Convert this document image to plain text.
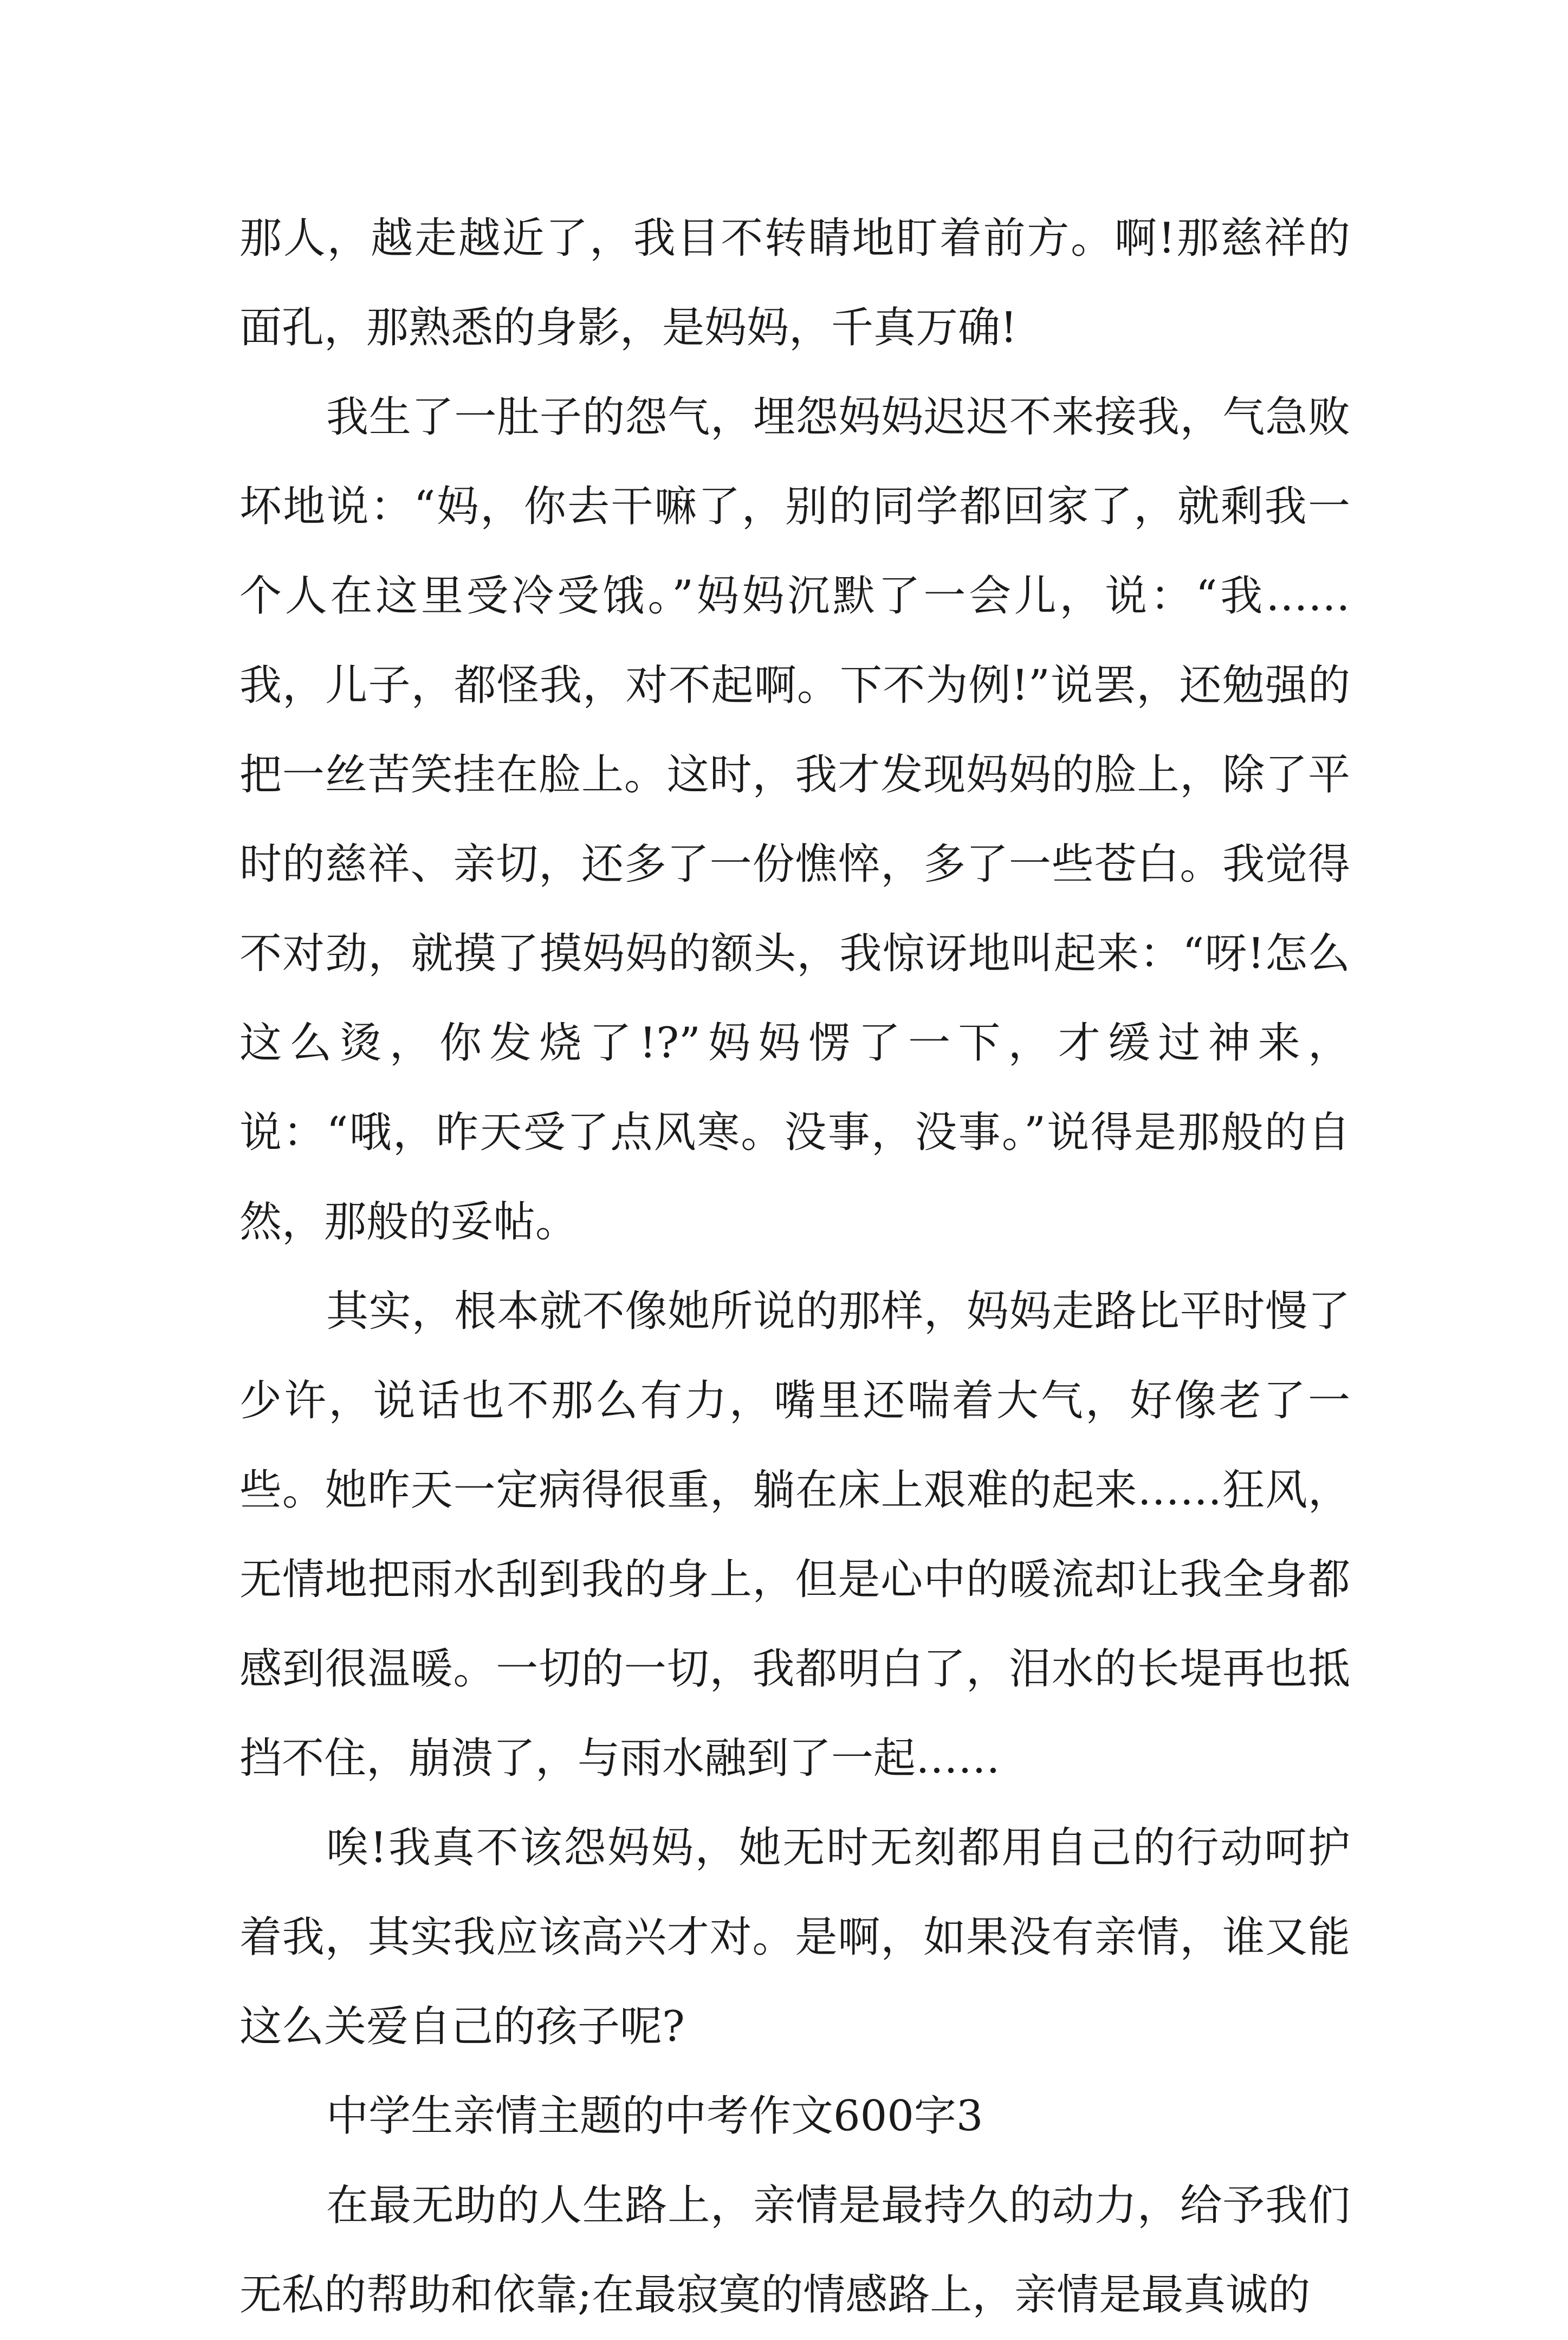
那人，越走越近了，我目不转睛地盯着前方。啊!那慈祥的面孔，那熟悉的身影，是妈妈，千真万确!

我生了一肚子的怨气，埋怨妈妈迟迟不来接我，气急败坏地说：“妈，你去干嘛了，别的同学都回家了，就剩我一个人在这里受冷受饿。”妈妈沉默了一会儿，说：“我……我，儿子，都怪我，对不起啊。下不为例!”说罢，还勉强的把一丝苦笑挂在脸上。这时，我才发现妈妈的脸上，除了平时的慈祥、亲切，还多了一份憔悴，多了一些苍白。我觉得不对劲，就摸了摸妈妈的额头，我惊讶地叫起来：“呀!怎么这么烫，你发烧了!?”妈妈愣了一下，才缓过神来，说：“哦，昨天受了点风寒。没事，没事。”说得是那般的自然，那般的妥帖。

其实，根本就不像她所说的那样，妈妈走路比平时慢了少许，说话也不那么有力，嘴里还喘着大气，好像老了一些。她昨天一定病得很重，躺在床上艰难的起来……狂风，无情地把雨水刮到我的身上，但是心中的暖流却让我全身都感到很温暖。一切的一切，我都明白了，泪水的长堤再也抵挡不住，崩溃了，与雨水融到了一起……

唉!我真不该怨妈妈，她无时无刻都用自己的行动呵护着我，其实我应该高兴才对。是啊，如果没有亲情，谁又能这么关爱自己的孩子呢?

中学生亲情主题的中考作文600字3

在最无助的人生路上，亲情是最持久的动力，给予我们无私的帮助和依靠;在最寂寞的情感路上，亲情是最真诚的
